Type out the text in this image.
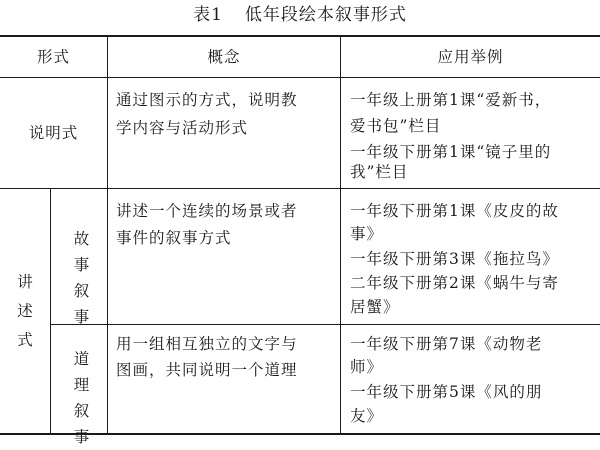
表1 低年段绘本叙事形式
形式	概念	应用举例
说明式
通过图示的方式，说明教
学内容与活动形式
一年级上册第1课“爱新书，
爱书包”栏目
一年级下册第1课“镜子里的
我”栏目
讲述式
故事叙事
讲述一个连续的场景或者
事件的叙事方式
一年级下册第1课《皮皮的故
事》
一年级下册第3课《拖拉鸟》
二年级下册第2课《蜗牛与寄
居蟹》
道理叙事
用一组相互独立的文字与
图画，共同说明一个道理
一年级下册第7课《动物老
师》
一年级下册第5课《风的朋
友》
